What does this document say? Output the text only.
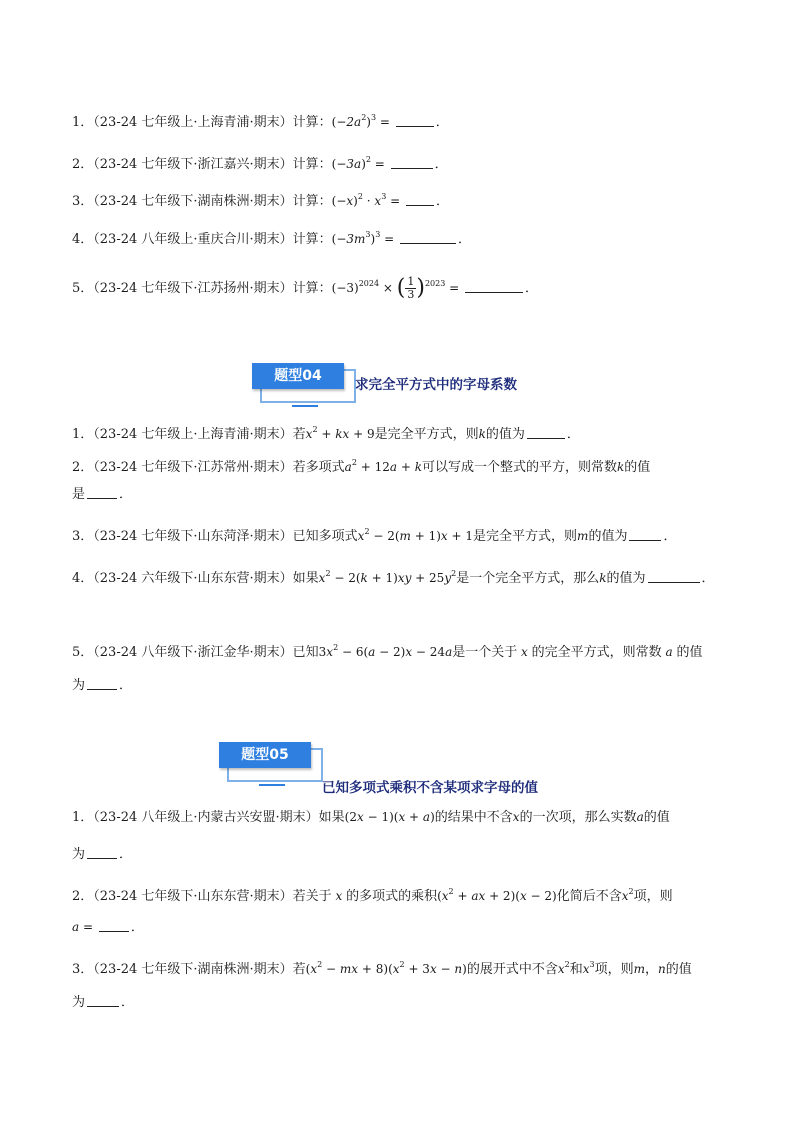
1．（23-24 七年级上·上海青浦·期末）计算：$(-2a^2)^3$ =	．
2．（23-24 七年级下·浙江嘉兴·期末）计算：$(-3a)^2$ =	．
3．（23-24 七年级下·湖南株洲·期末）计算：$(-x)^2 \cdot x^3$ = ．
4．（23-24 八年级上·重庆合川·期末）计算：$(-3m^3)^3$ =	．
5．（23-24 七年级下·江苏扬州·期末）计算：$(-3)^{2024}$ × ( $\frac{1}{3} )^{2023}$ =	．
题型04
求完全平方式中的字母系数
1．（23-24 七年级上·上海青浦·期末）若$x^2$ + kx + 9是完全平方式，则k的值为	．
2．（23-24 七年级下·江苏常州·期末）若多项式$a^2 + 12a + k$可以写成一个整式的平方，则常数k的值
是	．
3．（23-24 七年级下·山东菏泽·期末）已知多项式$x^2 - 2(m + 1)x + 1$是完全平方式，则m的值为	．
4．（23-24 六年级下·山东东营·期末）如果$x^2 - 2(k + 1)xy + 25y^2$是一个完全平方式，那么k的值为	．
5．（23-24 八年级下·浙江金华·期末）已知$3x^2 - 6(a - 2)x - 24a$是一个关于 x 的完全平方式，则常数 a 的值
为	．
题型05
已知多项式乘积不含某项求字母的值
1．（23-24 八年级上·内蒙古兴安盟·期末）如果(2x − 1)(x + a)的结果中不含x的一次项，那么实数a的值
为	．
2．（23-24 七年级下·山东东营·期末）若关于 x 的多项式的乘积($x^2$ + ax + 2)(x − 2)化简后不含$x^2$项，则
a =	．
3．（23-24 七年级下·湖南株洲·期末）若($x^2$ − mx + $8)(x^2 + 3x - n)$的展开式中不含$x^2$和$x^3$项，则m，n的值
为	．
